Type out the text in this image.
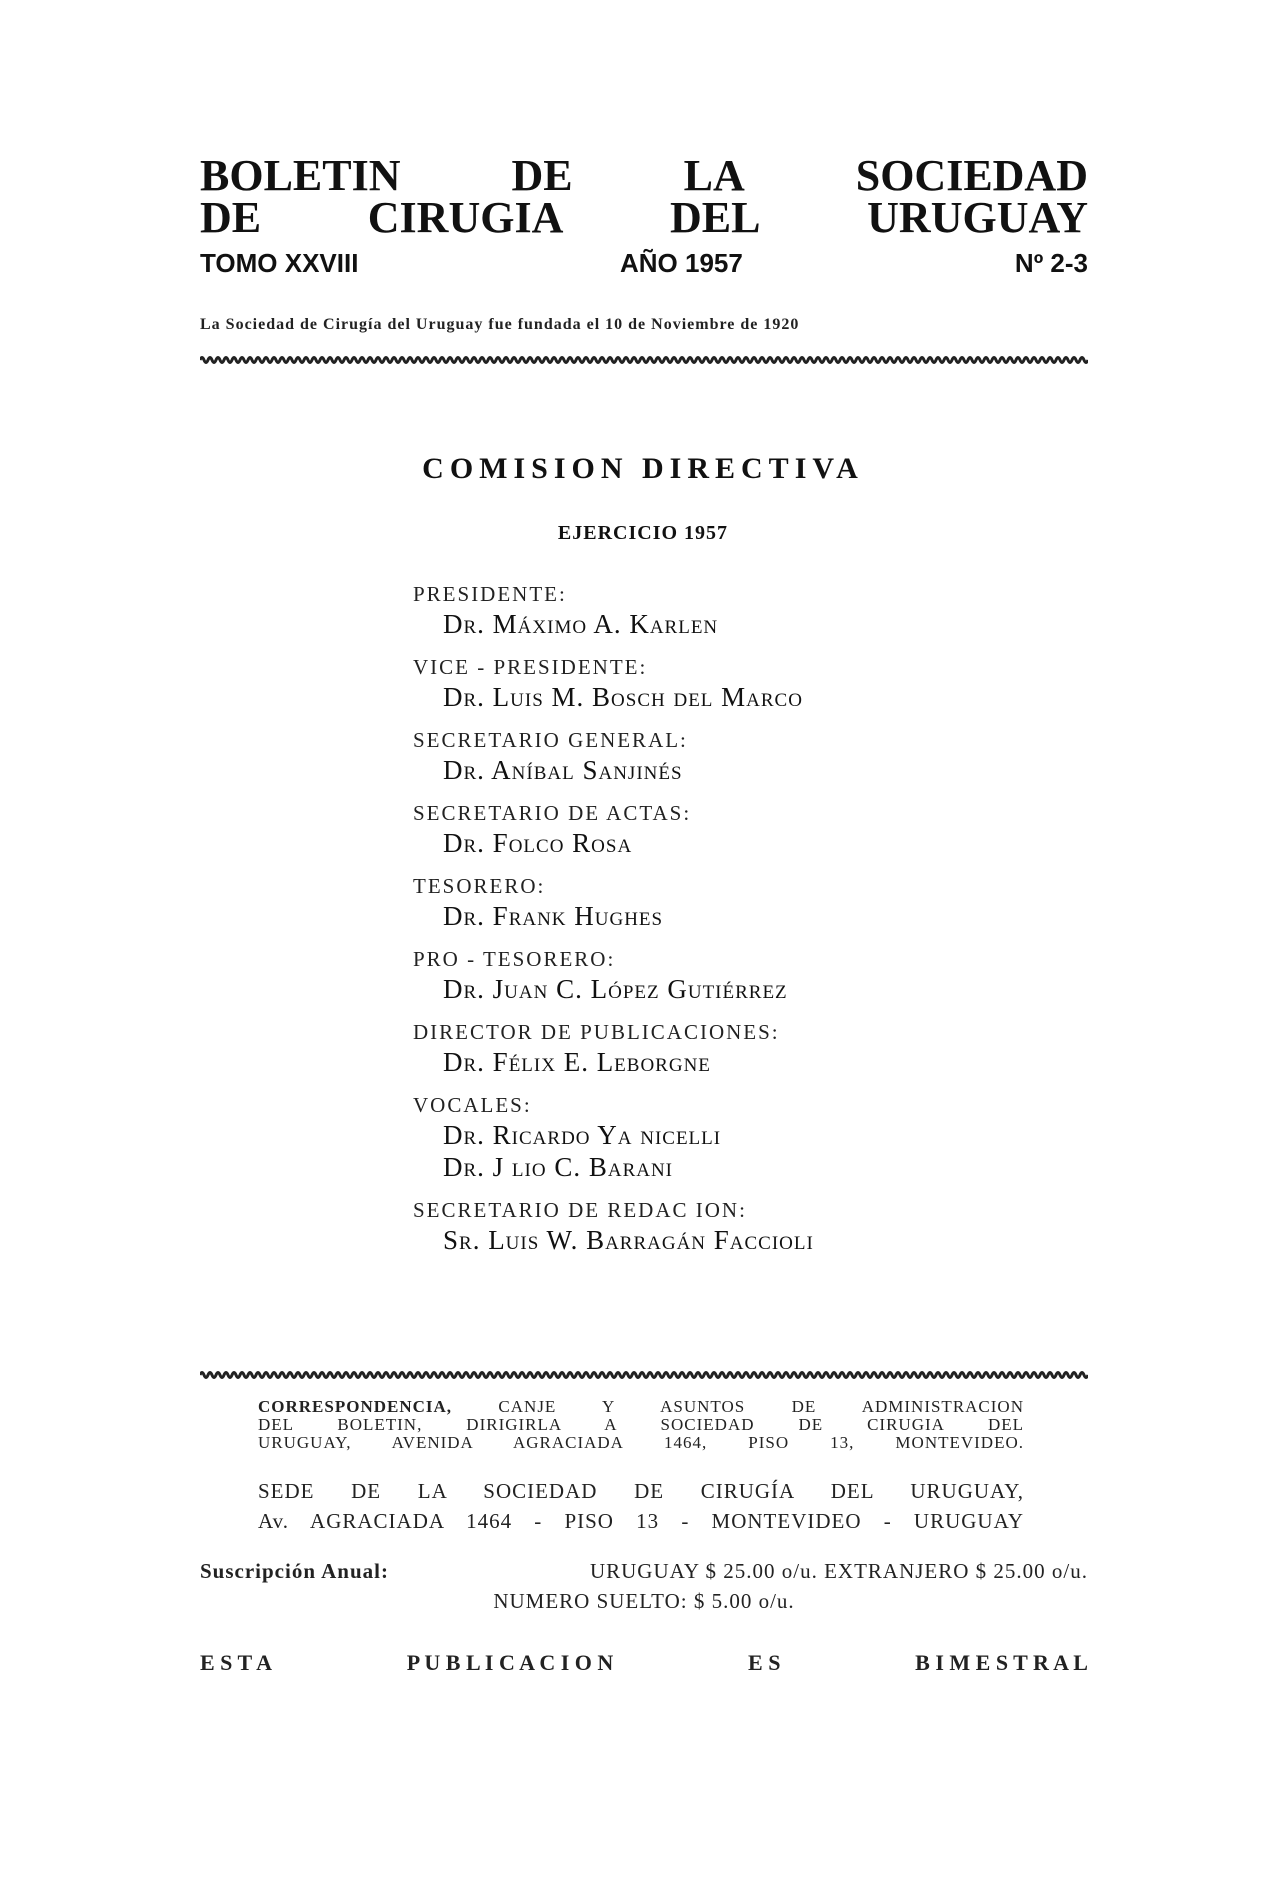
BOLETIN	DE	LA	SOCIEDAD
DE CIRUGIA DEL URUGUAY
TOMO XXVIII	AÑO 1957	Nº 2-3
La Sociedad de Cirugía del Uruguay fue fundada el 10 de Noviembre de 1920
COMISION DIRECTIVA
EJERCICIO 1957
PRESIDENTE:
Dr. Máximo A. Karlen
VICE - PRESIDENTE:
Dr. Luis M. Bosch del Marco
SECRETARIO GENERAL:
Dr. Aníbal Sanjinés
SECRETARIO DE ACTAS:
Dr. Folco Rosa
TESORERO:
Dr. Frank Hughes
PRO - TESORERO:
Dr. Juan C. López Gutiérrez
DIRECTOR DE PUBLICACIONES:
Dr. Félix E. Leborgne
VOCALES:
Dr. Ricardo Ya nicelli
Dr. J lio C. Barani
SECRETARIO DE REDAC ION:
Sr. Luis W. Barragán Faccioli
CORRESPONDENCIA,	CANJE Y ASUNTOS DE ADMINISTRACION
DEL BOLETIN, DIRIGIRLA A SOCIEDAD DE CIRUGIA DEL
URUGUAY, AVENIDA AGRACIADA 1464, PISO 13, MONTEVIDEO.
SEDE DE LA SOCIEDAD DE CIRUGÍA DEL URUGUAY,
Av. AGRACIADA 1464 - PISO 13 - MONTEVIDEO - URUGUAY
Suscripción Anual:	URUGUAY $ 25.00 o/u. EXTRANJERO $ 25.00 o/u.
NUMERO SUELTO: $ 5.00 o/u.
E S T A	P U B L I C A C I O N	E S	B I M E S T R A L
